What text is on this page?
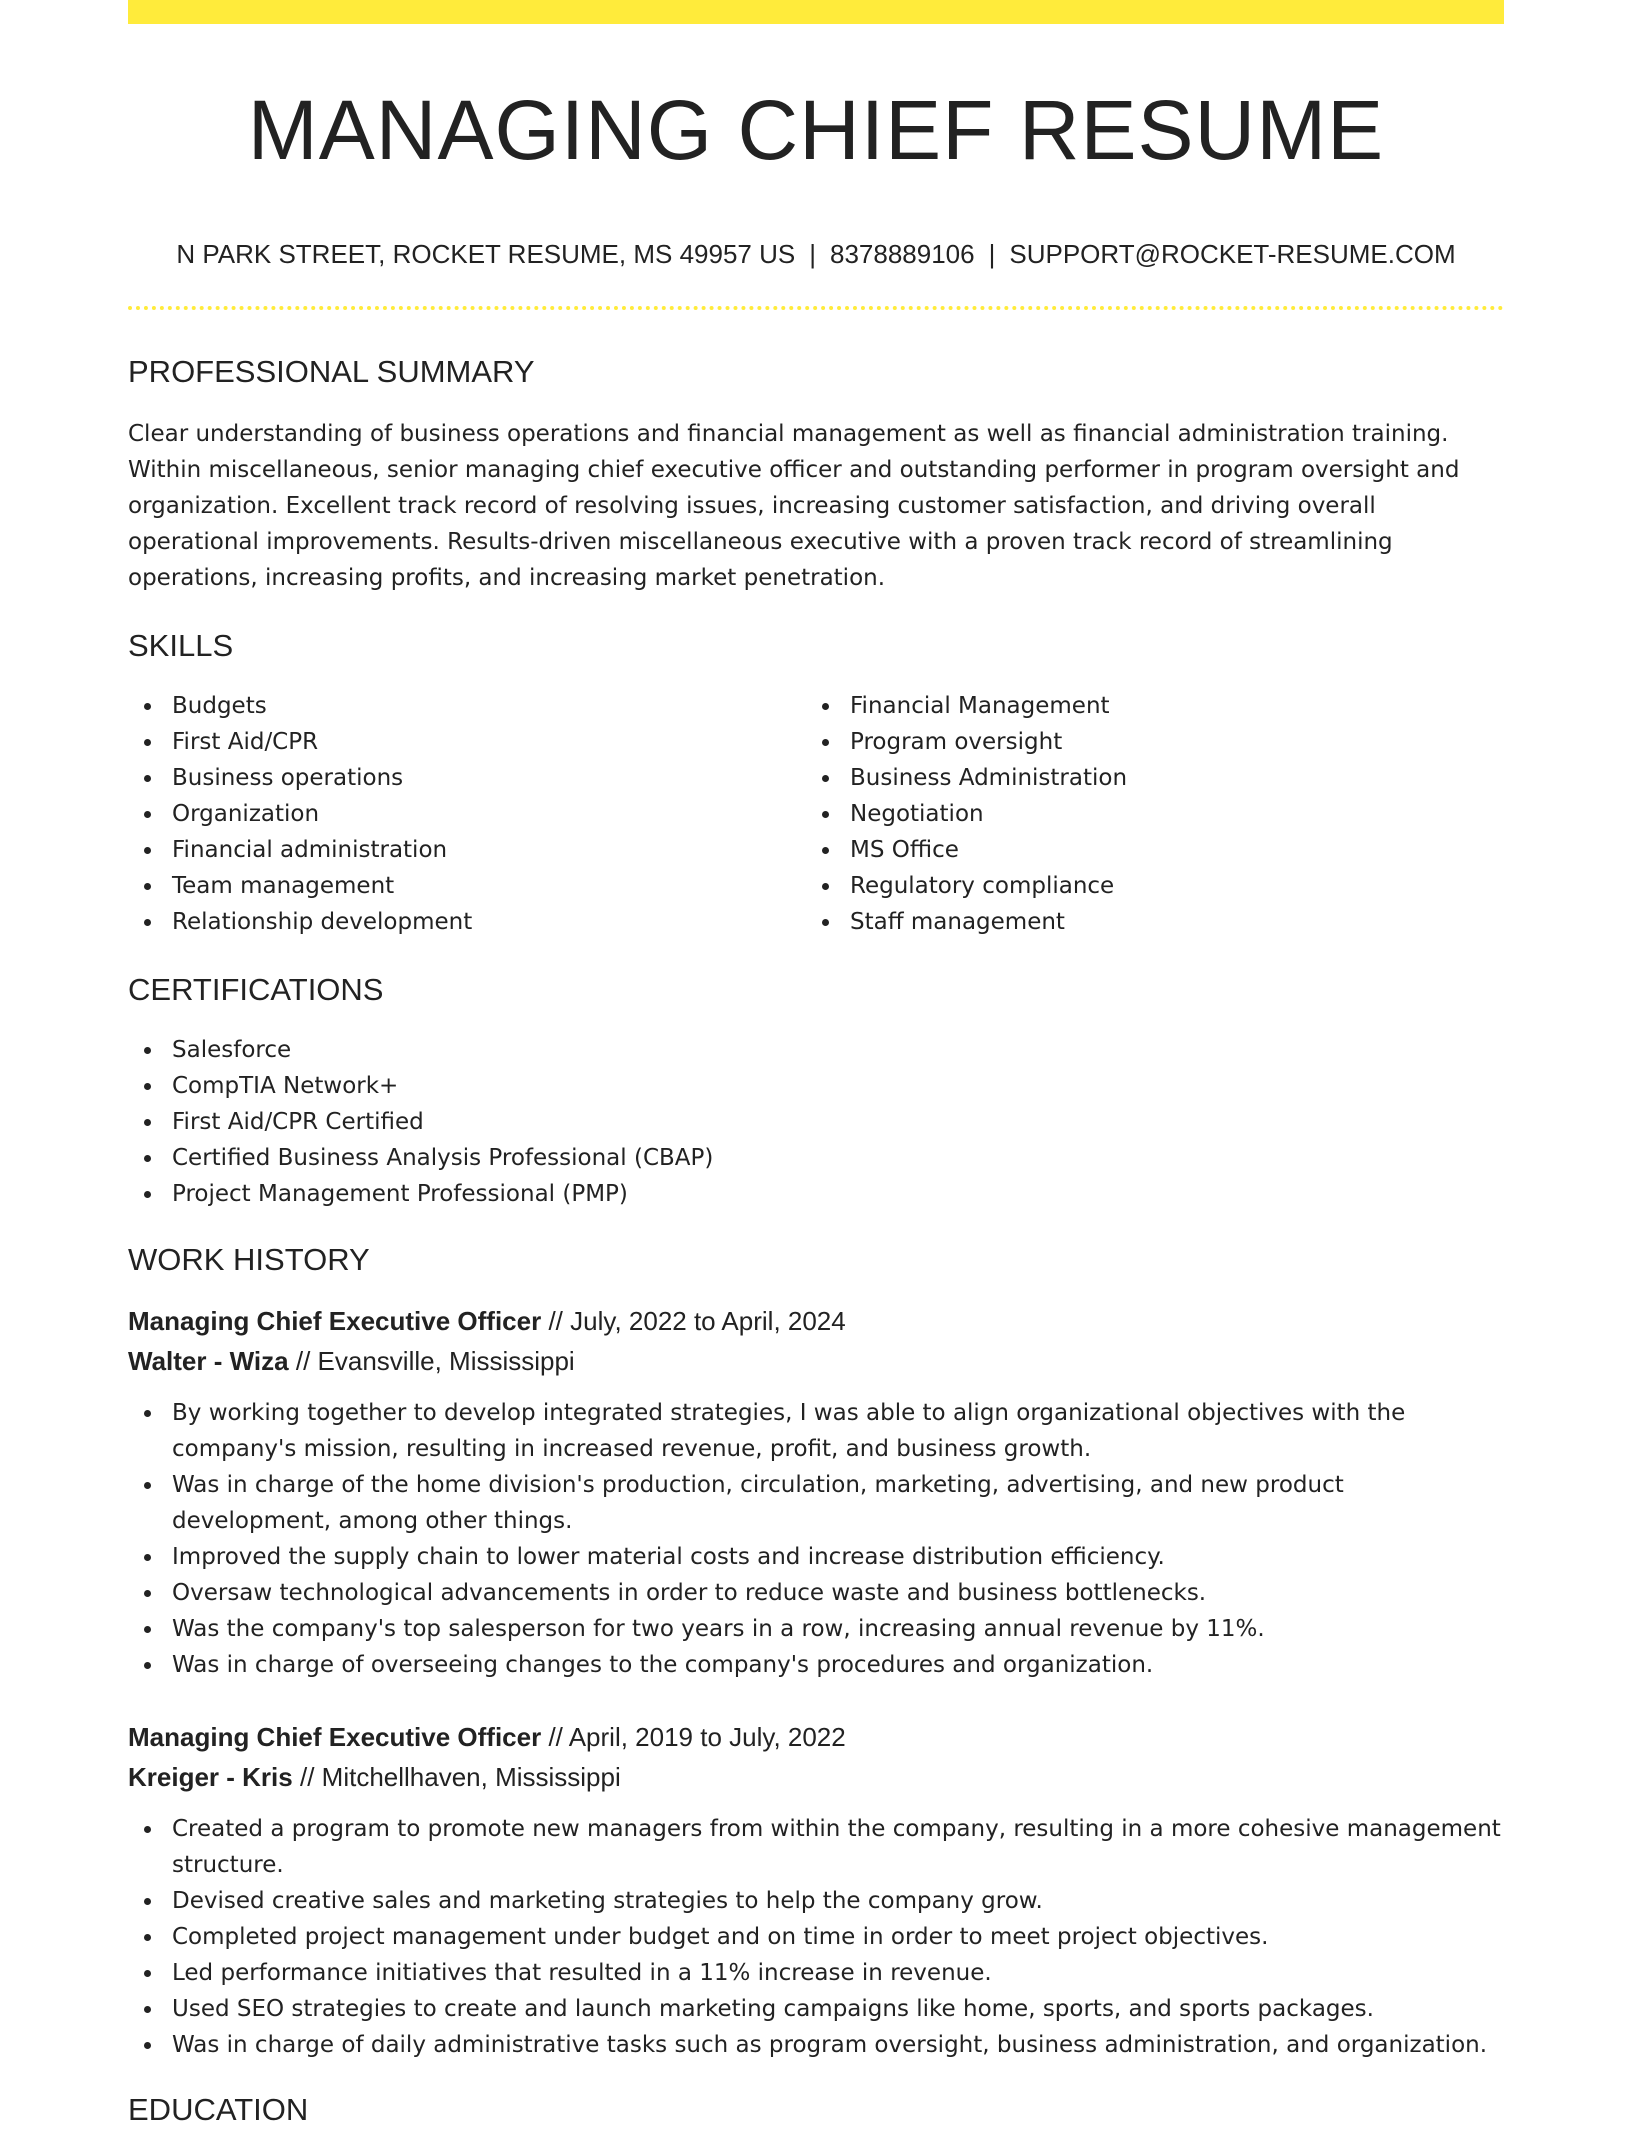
MANAGING CHIEF RESUME
N PARK STREET, ROCKET RESUME, MS 49957 US | 8378889106 | SUPPORT@ROCKET-RESUME.COM
PROFESSIONAL SUMMARY

Clear understanding of business operations and financial management as well as financial administration training. Within miscellaneous, senior managing chief executive officer and outstanding performer in program oversight and organization. Excellent track record of resolving issues, increasing customer satisfaction, and driving overall operational improvements. Results-driven miscellaneous executive with a proven track record of streamlining operations, increasing profits, and increasing market penetration.

SKILLS
Budgets
First Aid/CPR
Business operations
Organization
Financial administration
Team management
Relationship development
Financial Management
Program oversight
Business Administration
Negotiation
MS Office
Regulatory compliance
Staff management
CERTIFICATIONS
Salesforce
CompTIA Network+
First Aid/CPR Certified
Certified Business Analysis Professional (CBAP)
Project Management Professional (PMP)
WORK HISTORY
Managing Chief Executive Officer // July, 2022 to April, 2024
Walter - Wiza // Evansville, Mississippi
By working together to develop integrated strategies, I was able to align organizational objectives with the company's mission, resulting in increased revenue, profit, and business growth.
Was in charge of the home division's production, circulation, marketing, advertising, and new product development, among other things.
Improved the supply chain to lower material costs and increase distribution efficiency.
Oversaw technological advancements in order to reduce waste and business bottlenecks.
Was the company's top salesperson for two years in a row, increasing annual revenue by 11%.
Was in charge of overseeing changes to the company's procedures and organization.
Managing Chief Executive Officer // April, 2019 to July, 2022
Kreiger - Kris // Mitchellhaven, Mississippi
Created a program to promote new managers from within the company, resulting in a more cohesive management structure.
Devised creative sales and marketing strategies to help the company grow.
Completed project management under budget and on time in order to meet project objectives.
Led performance initiatives that resulted in a 11% increase in revenue.
Used SEO strategies to create and launch marketing campaigns like home, sports, and sports packages.
Was in charge of daily administrative tasks such as program oversight, business administration, and organization.
EDUCATION
